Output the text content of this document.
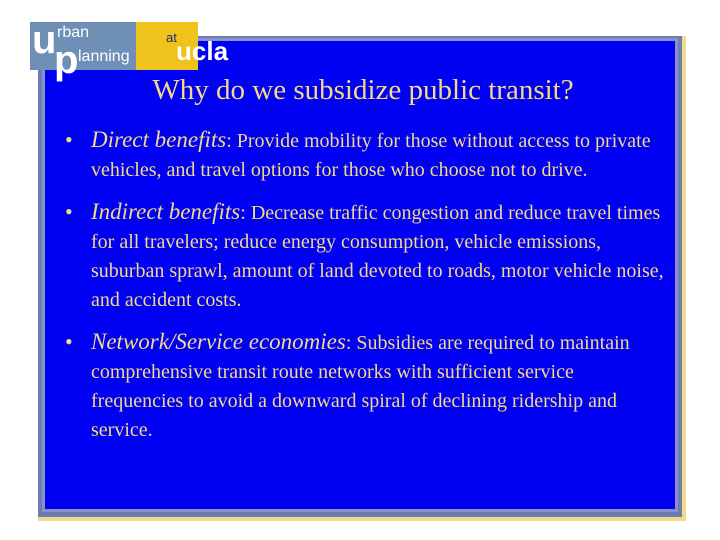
u rban
p lanning
at ucla
Why do we subsidize public transit?
• Direct benefits: Provide mobility for those without access to private vehicles, and travel options for those who choose not to drive.
• Indirect benefits: Decrease traffic congestion and reduce travel times for all travelers; reduce energy consumption, vehicle emissions, suburban sprawl, amount of land devoted to roads, motor vehicle noise, and accident costs.
• Network/Service economies: Subsidies are required to maintain comprehensive transit route networks with sufficient service frequencies to avoid a downward spiral of declining ridership and service.
